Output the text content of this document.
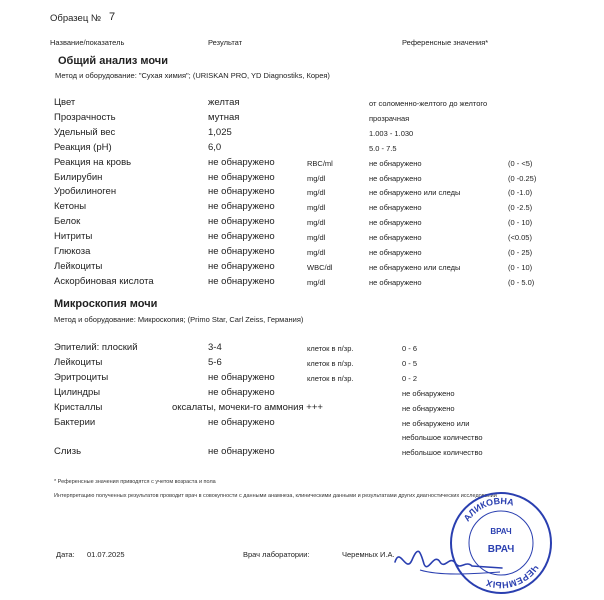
Образец № 7
Название/показатель	Результат	Референсные значения*
Общий анализ мочи
Метод и оборудование: "Сухая химия"; (URISKAN PRO, YD Diagnostiks, Корея)
Цвет	желтая	от соломенно-желтого до желтого
Прозрачность	мутная	прозрачная
Удельный вес	1,025	1.003 - 1.030
Реакция (pH)	6,0	5.0 - 7.5
Реакция на кровь	не обнаружено	RBC/ml	не обнаружено	(0 - <5)
Билирубин	не обнаружено	mg/dl	не обнаружено	(0 -0.25)
Уробилиноген	не обнаружено	mg/dl	не обнаружено или следы	(0 -1.0)
Кетоны	не обнаружено	mg/dl	не обнаружено	(0 -2.5)
Белок	не обнаружено	mg/dl	не обнаружено	(0 - 10)
Нитриты	не обнаружено	mg/dl	не обнаружено	(<0.05)
Глюкоза	не обнаружено	mg/dl	не обнаружено	(0 - 25)
Лейкоциты	не обнаружено	WBC/dl	не обнаружено или следы	(0 - 10)
Аскорбиновая кислота	не обнаружено	mg/dl	не обнаружено	(0 - 5.0)
Микроскопия мочи
Метод и оборудование: Микроскопия; (Primo Star, Carl Zeiss, Германия)
Эпителий: плоский	3-4	клеток в п/зр.	0 - 6
Лейкоциты	5-6	клеток в п/зр.	0 - 5
Эритроциты	не обнаружено	клеток в п/зр.	0 - 2
Цилиндры	не обнаружено	не обнаружено
Кристаллы	оксалаты, мочеки-го аммония +++	не обнаружено
Бактерии	не обнаружено	не обнаружено или
небольшое количество
Слизь	не обнаружено	небольшое количество
* Референсные значения приводятся с учетом возраста и пола
Интерпретацию полученных результатов проводит врач в совокупности с данными анамнеза, клиническими данными и результатами других диагностических исследований
Дата: 01.07.2025	Врач лаборатории:	Черемных И.А.
АЛИКОВНА
ЧЕРЕМНЫХ
ВРАЧ
ВРАЧ
